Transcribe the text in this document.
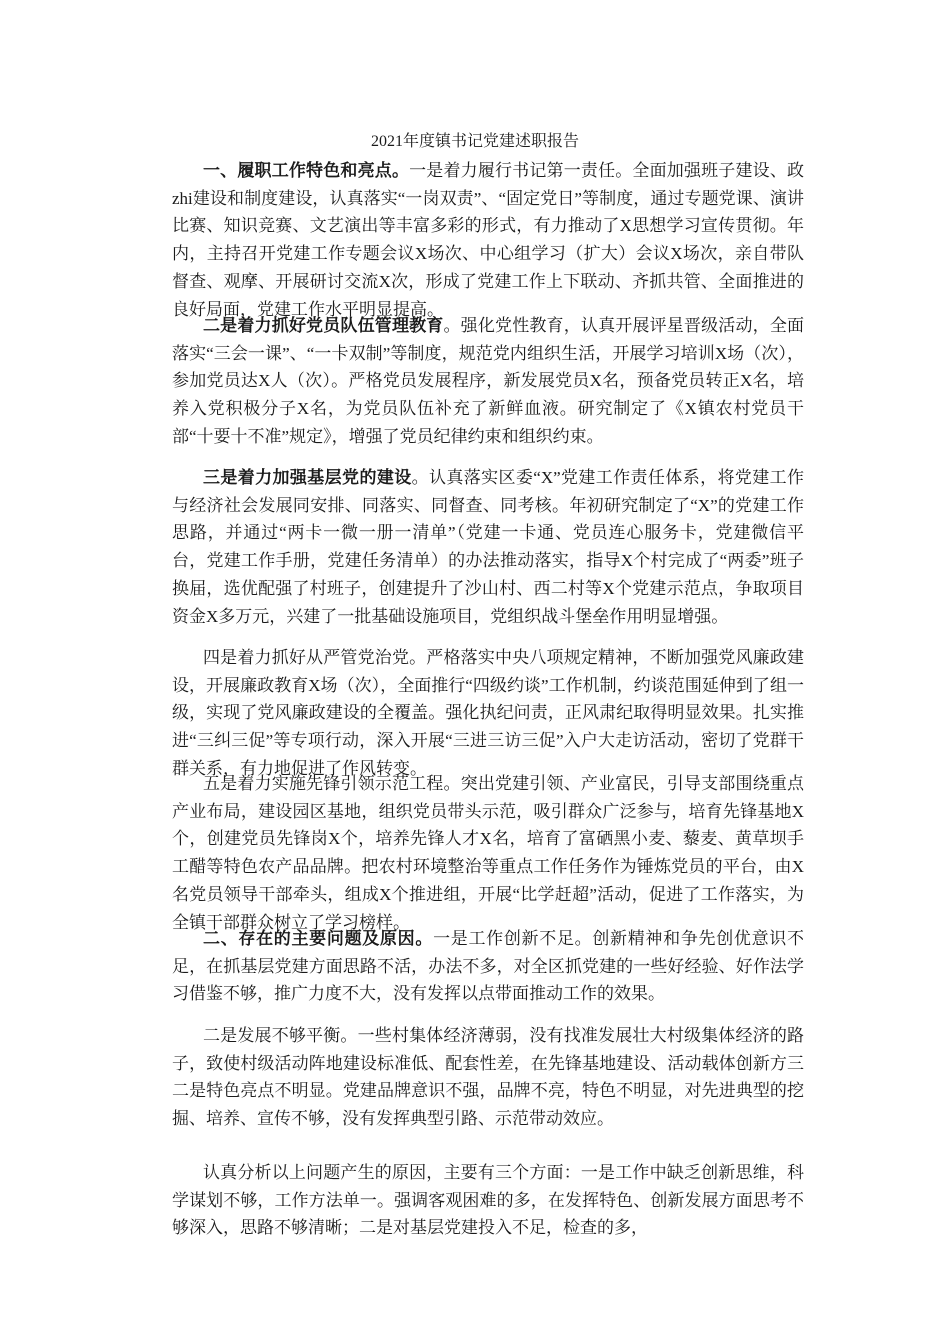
2021年度镇书记党建述职报告
一、履职工作特色和亮点。一是着力履行书记第一责任。全面加强班子建设、政zhi建设和制度建设，认真落实“一岗双责”、“固定党日”等制度，通过专题党课、演讲比赛、知识竞赛、文艺演出等丰富多彩的形式，有力推动了X思想学习宣传贯彻。年内，主持召开党建工作专题会议X场次、中心组学习（扩大）会议X场次，亲自带队督查、观摩、开展研讨交流X次，形成了党建工作上下联动、齐抓共管、全面推进的良好局面，党建工作水平明显提高。
二是着力抓好党员队伍管理教育。强化党性教育，认真开展评星晋级活动，全面落实“三会一课”、“一卡双制”等制度，规范党内组织生活，开展学习培训X场（次），参加党员达X人（次）。严格党员发展程序，新发展党员X名，预备党员转正X名，培养入党积极分子X名，为党员队伍补充了新鲜血液。研究制定了《X镇农村党员干部“十要十不准”规定》，增强了党员纪律约束和组织约束。
三是着力加强基层党的建设。认真落实区委“X”党建工作责任体系，将党建工作与经济社会发展同安排、同落实、同督查、同考核。年初研究制定了“X”的党建工作思路，并通过“两卡一微一册一清单”（党建一卡通、党员连心服务卡，党建微信平台，党建工作手册，党建任务清单）的办法推动落实，指导X个村完成了“两委”班子换届，选优配强了村班子，创建提升了沙山村、西二村等X个党建示范点，争取项目资金X多万元，兴建了一批基础设施项目，党组织战斗堡垒作用明显增强。
四是着力抓好从严管党治党。严格落实中央八项规定精神，不断加强党风廉政建设，开展廉政教育X场（次），全面推行“四级约谈”工作机制，约谈范围延伸到了组一级，实现了党风廉政建设的全覆盖。强化执纪问责，正风肃纪取得明显效果。扎实推进“三纠三促”等专项行动，深入开展“三进三访三促”入户大走访活动，密切了党群干群关系，有力地促进了作风转变。
五是着力实施先锋引领示范工程。突出党建引领、产业富民，引导支部围绕重点产业布局，建设园区基地，组织党员带头示范，吸引群众广泛参与，培育先锋基地X个，创建党员先锋岗X个，培养先锋人才X名，培育了富硒黑小麦、藜麦、黄草坝手工醋等特色农产品品牌。把农村环境整治等重点工作任务作为锤炼党员的平台，由X名党员领导干部牵头，组成X个推进组，开展“比学赶超”活动，促进了工作落实，为全镇干部群众树立了学习榜样。
二、存在的主要问题及原因。一是工作创新不足。创新精神和争先创优意识不足，在抓基层党建方面思路不活，办法不多，对全区抓党建的一些好经验、好作法学习借鉴不够，推广力度不大，没有发挥以点带面推动工作的效果。
二是发展不够平衡。一些村集体经济薄弱，没有找准发展壮大村级集体经济的路子，致使村级活动阵地建设标准低、配套性差，在先锋基地建设、活动载体创新方三二是特色亮点不明显。党建品牌意识不强，品牌不亮，特色不明显，对先进典型的挖掘、培养、宣传不够，没有发挥典型引路、示范带动效应。
认真分析以上问题产生的原因，主要有三个方面：一是工作中缺乏创新思维，科学谋划不够，工作方法单一。强调客观困难的多，在发挥特色、创新发展方面思考不够深入，思路不够清晰；二是对基层党建投入不足，检查的多，
